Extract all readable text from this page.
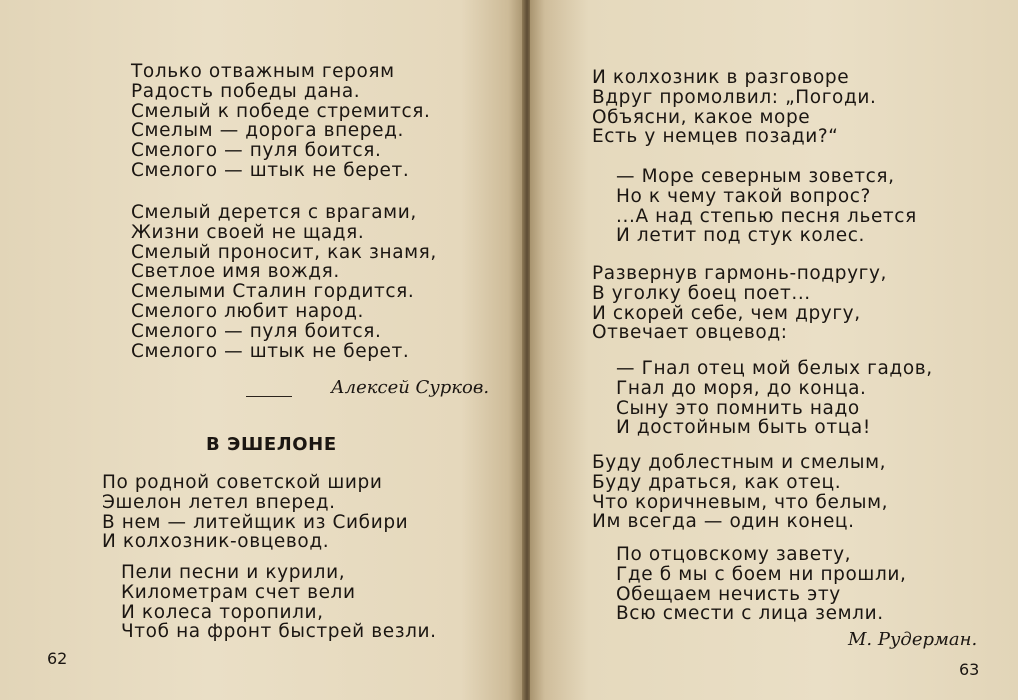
Только отважным героям
Радость победы дана.
Смелый к победе стремится.
Смелым — дорога вперед.
Смелого — пуля боится.
Смелого — штык не берет.
Смелый дерется с врагами,
Жизни своей не щадя.
Смелый проносит, как знамя,
Светлое имя вождя.
Смелыми Сталин гордится.
Смелого любит народ.
Смелого — пуля боится.
Смелого — штык не берет.
Алексей Сурков.
В ЭШЕЛОНЕ
По родной советской шири
Эшелон летел вперед.
В нем — литейщик из Сибири
И колхозник-овцевод.
Пели песни и курили,
Километрам счет вели
И колеса торопили,
Чтоб на фронт быстрей везли.
62
И колхозник в разговоре
Вдруг промолвил: „Погоди.
Объясни, какое море
Есть у немцев позади?“
— Море северным зовется,
Но к чему такой вопрос?
...А над степью песня льется
И летит под стук колес.
Развернув гармонь-подругу,
В уголку боец поет...
И скорей себе, чем другу,
Отвечает овцевод:
— Гнал отец мой белых гадов,
Гнал до моря, до конца.
Сыну это помнить надо
И достойным быть отца!
Буду доблестным и смелым,
Буду драться, как отец.
Что коричневым, что белым,
Им всегда — один конец.
По отцовскому завету,
Где б мы с боем ни прошли,
Обещаем нечисть эту
Всю смести с лица земли.
М. Рудерман.
63
